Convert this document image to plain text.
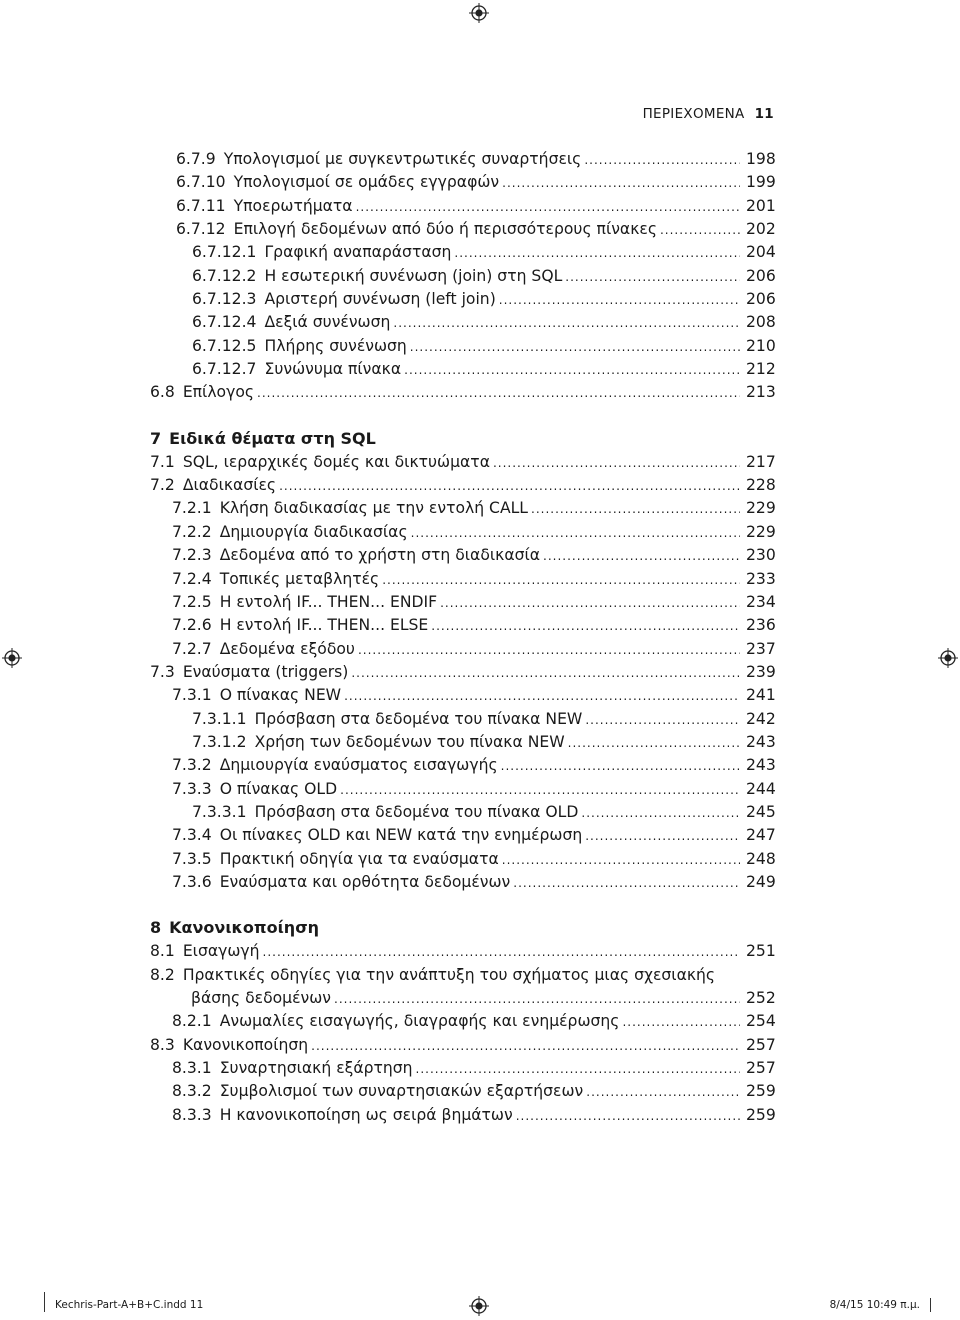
ΠΕΡΙΕΧΟΜΕΝΑ 11
6.7.9 Υπολογισμοί με συγκεντρωτικές συναρτήσεις .....	198
6.7.10 Υπολογισμοί σε ομάδες εγγραφών .....	199
6.7.11 Υποερωτήματα .....	201
6.7.12 Επιλογή δεδομένων από δύο ή περισσότερους πίνακες .....	202
6.7.12.1 Γραφική αναπαράσταση .....	204
6.7.12.2 Η εσωτερική συνένωση (join) στη SQL .....	206
6.7.12.3 Αριστερή συνένωση (left join) .....	206
6.7.12.4 Δεξιά συνένωση .....	208
6.7.12.5 Πλήρης συνένωση .....	210
6.7.12.7 Συνώνυμα πίνακα .....	212
6.8 Επίλογος .....	213
7 Ειδικά θέματα στη SQL
7.1 SQL, ιεραρχικές δομές και δικτυώματα .....	217
7.2 Διαδικασίες .....	228
7.2.1 Κλήση διαδικασίας με την εντολή CALL .....	229
7.2.2 Δημιουργία διαδικασίας .....	229
7.2.3 Δεδομένα από το χρήστη στη διαδικασία .....	230
7.2.4 Τοπικές μεταβλητές .....	233
7.2.5 Η εντολή IF... THEN... ENDIF .....	234
7.2.6 Η εντολή IF... THEN... ELSE .....	236
7.2.7 Δεδομένα εξόδου .....	237
7.3 Εναύσματα (triggers) .....	239
7.3.1 Ο πίνακας NEW .....	241
7.3.1.1 Πρόσβαση στα δεδομένα του πίνακα NEW .....	242
7.3.1.2 Χρήση των δεδομένων του πίνακα NEW .....	243
7.3.2 Δημιουργία εναύσματος εισαγωγής .....	243
7.3.3 Ο πίνακας OLD .....	244
7.3.3.1 Πρόσβαση στα δεδομένα του πίνακα OLD .....	245
7.3.4 Οι πίνακες OLD και NEW κατά την ενημέρωση .....	247
7.3.5 Πρακτική οδηγία για τα εναύσματα .....	248
7.3.6 Εναύσματα και ορθότητα δεδομένων .....	249
8 Κανονικοποίηση
8.1 Εισαγωγή .....	251
8.2 Πρακτικές οδηγίες για την ανάπτυξη του σχήματος μιας σχεσιακής
βάσης δεδομένων .....	252
8.2.1 Ανωμαλίες εισαγωγής, διαγραφής και ενημέρωσης .....	254
8.3 Κανονικοποίηση .....	257
8.3.1 Συναρτησιακή εξάρτηση .....	257
8.3.2 Συμβολισμοί των συναρτησιακών εξαρτήσεων .....	259
8.3.3 Η κανονικοποίηση ως σειρά βημάτων .....	259
Kechris-Part-A+B+C.indd 11	8/4/15 10:49 π.μ.
